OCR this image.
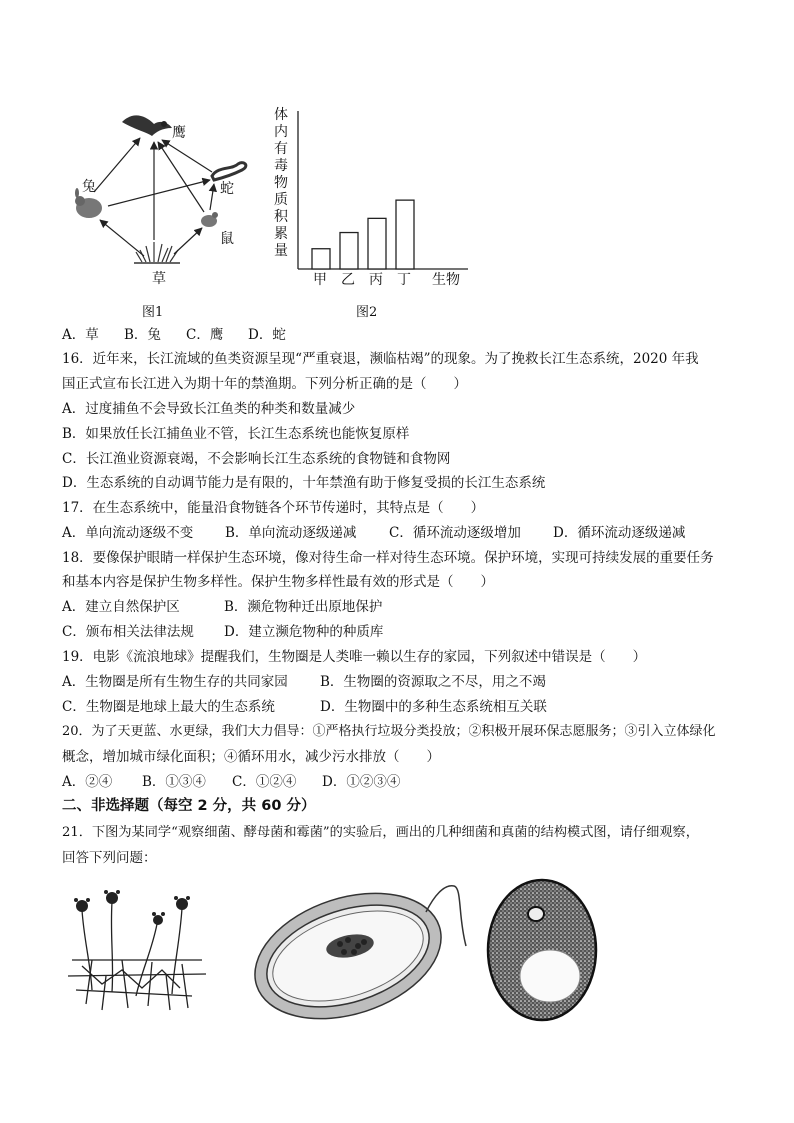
鹰
兔	蛇
鼠
草
图1
体内有毒物质积累量
甲 乙 丙 丁 生物
图2
A．草 B．兔 C．鹰 D．蛇
16．近年来，长江流域的鱼类资源呈现“严重衰退，濒临枯竭”的现象。为了挽救长江生态系统，2020 年我
国正式宣布长江进入为期十年的禁渔期。下列分析正确的是（　　）
A．过度捕鱼不会导致长江鱼类的种类和数量减少
B．如果放任长江捕鱼业不管，长江生态系统也能恢复原样
C．长江渔业资源衰竭，不会影响长江生态系统的食物链和食物网
D．生态系统的自动调节能力是有限的，十年禁渔有助于修复受损的长江生态系统
17．在生态系统中，能量沿食物链各个环节传递时，其特点是（　　）
A．单向流动逐级不变 B．单向流动逐级递减 C．循环流动逐级增加 D．循环流动逐级递减
18．要像保护眼睛一样保护生态环境，像对待生命一样对待生态环境。保护环境，实现可持续发展的重要任务
和基本内容是保护生物多样性。保护生物多样性最有效的形式是（　　）
A．建立自然保护区	B．濒危物种迁出原地保护
C．颁布相关法律法规 D．建立濒危物种的种质库
19．电影《流浪地球》提醒我们，生物圈是人类唯一赖以生存的家园，下列叙述中错误是（　　）
A．生物圈是所有生物生存的共同家园 B．生物圈的资源取之不尽，用之不竭
C．生物圈是地球上最大的生态系统	D．生物圈中的多种生态系统相互关联
20．为了天更蓝、水更绿，我们大力倡导：①严格执行垃圾分类投放；②积极开展环保志愿服务；③引入立体绿化
概念，增加城市绿化面积；④循环用水，减少污水排放（　　）
A．②④ B．①③④ C．①②④ D．①②③④
二、非选择题（每空 2 分，共 60 分）
21．下图为某同学“观察细菌、酵母菌和霉菌”的实验后，画出的几种细菌和真菌的结构模式图，请仔细观察，
回答下列问题：
